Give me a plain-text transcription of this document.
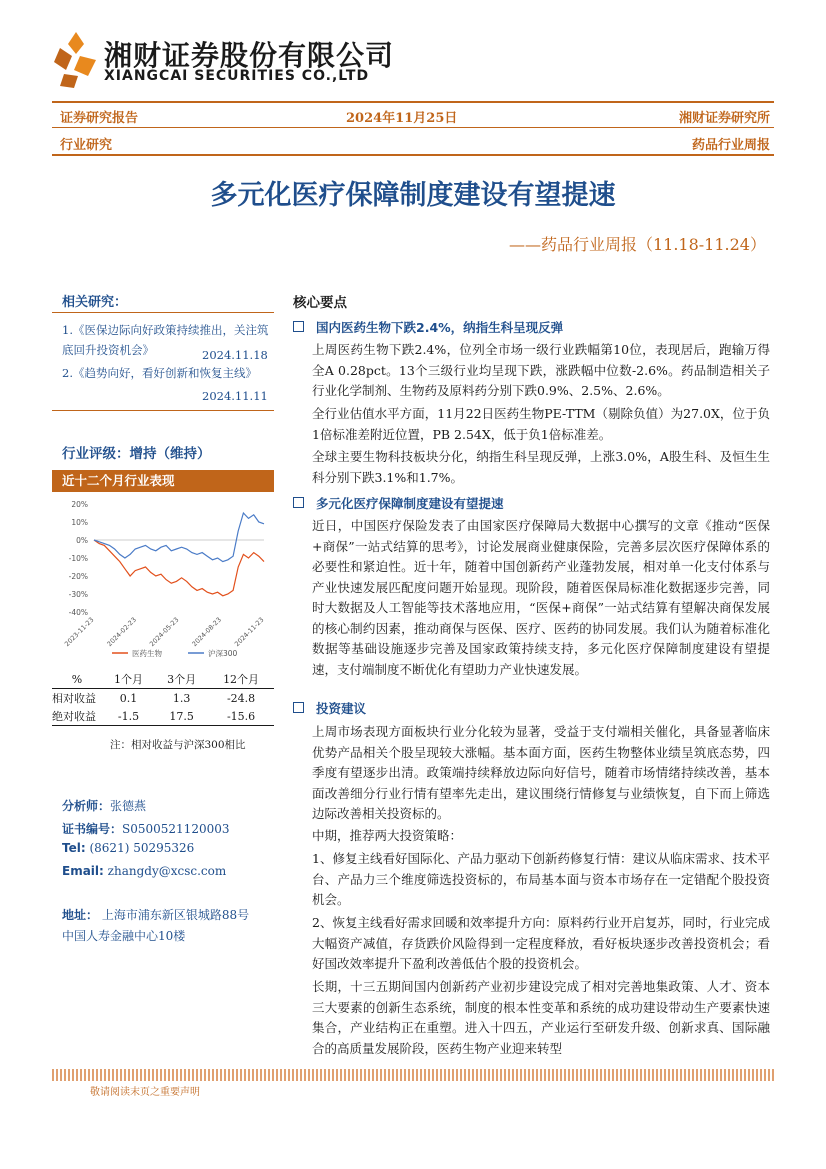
湘财证券股份有限公司
XIANGCAI SECURITIES CO.,LTD
证券研究报告	2024年11月25日	湘财证券研究所
行业研究	药品行业周报
多元化医疗保障制度建设有望提速
——药品行业周报（11.18-11.24）
相关研究：
1.《医保边际向好政策持续推出，关注筑底回升投资机会》	2024.11.18
2.《趋势向好，看好创新和恢复主线》
2024.11.11
行业评级：增持（维持）
近十二个月行业表现
20%
10%
0%
-10%
-20%
-30%
-40%
2023-11-23 2024-02-23 2024-05-23 2024-08-23 2024-11-23
医药生物	沪深300
%	1个月	3个月	12个月
相对收益	0.1	1.3	-24.8
绝对收益	-1.5	17.5	-15.6
注：相对收益与沪深300相比
分析师：张德燕
证书编号：S0500521120003
Tel: (8621) 50295326
Email: zhangdy@xcsc.com
地址： 上海市浦东新区银城路88号
中国人寿金融中心10楼
核心要点
国内医药生物下跌2.4%，纳指生科呈现反弹
上周医药生物下跌2.4%，位列全市场一级行业跌幅第10位，表现居后，跑输万得全A 0.28pct。13个三级行业均呈现下跌，涨跌幅中位数-2.6%。药品制造相关子行业化学制剂、生物药及原料药分别下跌0.9%、2.5%、2.6%。
全行业估值水平方面，11月22日医药生物PE-TTM（剔除负值）为27.0X，位于负1倍标准差附近位置，PB 2.54X，低于负1倍标准差。
全球主要生物科技板块分化，纳指生科呈现反弹，上涨3.0%，A股生科、及恒生生科分别下跌3.1%和1.7%。
多元化医疗保障制度建设有望提速
近日，中国医疗保险发表了由国家医疗保障局大数据中心撰写的文章《推动“医保+商保”一站式结算的思考》，讨论发展商业健康保险，完善多层次医疗保障体系的必要性和紧迫性。近十年，随着中国创新药产业蓬勃发展，相对单一化支付体系与产业快速发展匹配度问题开始显现。现阶段，随着医保局标准化数据逐步完善，同时大数据及人工智能等技术落地应用，“医保+商保”一站式结算有望解决商保发展的核心制约因素，推动商保与医保、医疗、医药的协同发展。我们认为随着标准化数据等基础设施逐步完善及国家政策持续支持，多元化医疗保障制度建设有望提速，支付端制度不断优化有望助力产业快速发展。
投资建议
上周市场表现方面板块行业分化较为显著，受益于支付端相关催化，具备显著临床优势产品相关个股呈现较大涨幅。基本面方面，医药生物整体业绩呈筑底态势，四季度有望逐步出清。政策端持续释放边际向好信号，随着市场情绪持续改善，基本面改善细分行业行情有望率先走出，建议围绕行情修复与业绩恢复，自下而上筛选边际改善相关投资标的。
中期，推荐两大投资策略：
1、修复主线看好国际化、产品力驱动下创新药修复行情：建议从临床需求、技术平台、产品力三个维度筛选投资标的，布局基本面与资本市场存在一定错配个股投资机会。
2、恢复主线看好需求回暖和效率提升方向：原料药行业开启复苏，同时，行业完成大幅资产减值，存货跌价风险得到一定程度释放，看好板块逐步改善投资机会；看好国改效率提升下盈利改善低估个股的投资机会。
长期，十三五期间国内创新药产业初步建设完成了相对完善地集政策、人才、资本三大要素的创新生态系统，制度的根本性变革和系统的成功建设带动生产要素快速集合，产业结构正在重塑。进入十四五，产业运行至研发升级、创新求真、国际融合的高质量发展阶段，医药生物产业迎来转型
敬请阅读末页之重要声明
